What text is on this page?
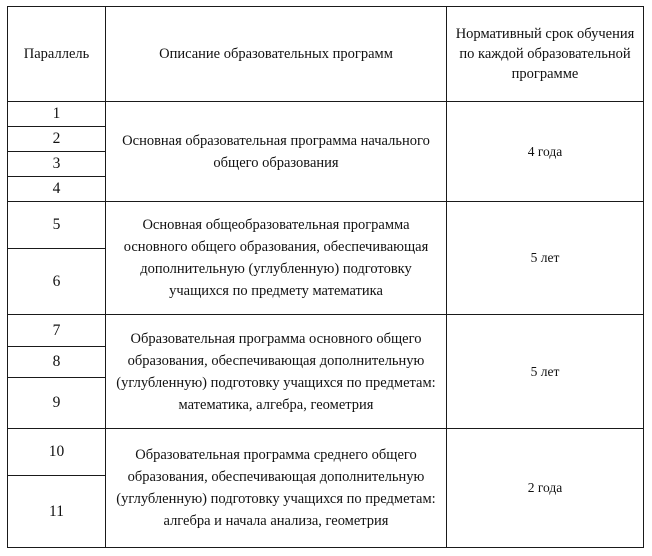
Параллель	Описание образовательных программ	Нормативный срок обучения по каждой образовательной программе
1	Основная образовательная программа начального общего образования	4 года
2		
3		
4		
5	Основная общеобразовательная программа основного общего образования, обеспечивающая дополнительную (углубленную) подготовку учащихся по предмету математика	5 лет
6		
7	Образовательная программа основного общего образования, обеспечивающая дополнительную (углубленную) подготовку учащихся по предметам: математика, алгебра, геометрия	5 лет
8		
9		
10	Образовательная программа среднего общего образования, обеспечивающая дополнительную (углубленную) подготовку учащихся по предметам: алгебра и начала анализа, геометрия	2 года
11		
